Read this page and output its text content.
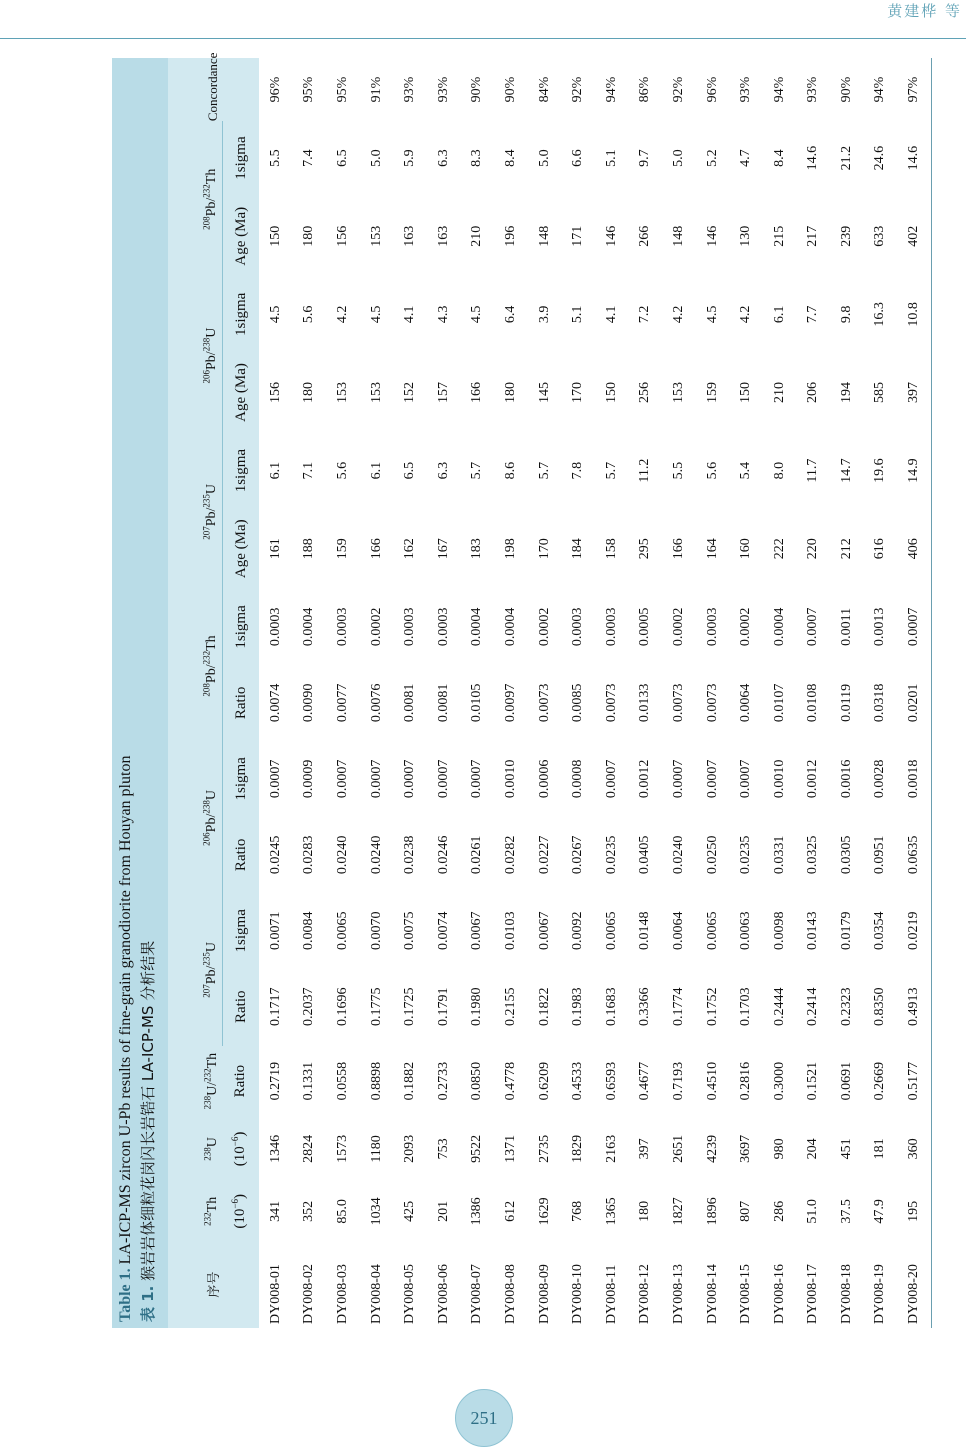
黄建桦 等
Table 1. LA-ICP-MS zircon U-Pb results of fine-grain granodiorite from Houyan pluton
表 1. 猴岩岩体细粒花岗闪长岩锆石 LA-ICP-MS 分析结果	序号	$^{232}$Th	$^{238}$U	$^{238}$U/$^{232}$Th	$^{207}$Pb/$^{235}$U		$^{206}$Pb/$^{238}$U		$^{208}$Pb/$^{232}$Th		$^{207}$Pb/$^{235}$U		$^{206}$Pb/$^{238}$U		$^{208}$Pb/$^{232}$Th		Concordance
	$(10^{-6})$	$(10^{-6})$	Ratio	Ratio	1sigma	Ratio	1sigma	Ratio	1sigma	Age (Ma)	1sigma	Age (Ma)	1sigma	Age (Ma)	1sigma	
DY008-01	341	1346	0.2719	0.1717	0.0071	0.0245	0.0007	0.0074	0.0003	161	6.1	156	4.5	150	5.5	96%
DY008-02	352	2824	0.1331	0.2037	0.0084	0.0283	0.0009	0.0090	0.0004	188	7.1	180	5.6	180	7.4	95%
DY008-03	85.0	1573	0.0558	0.1696	0.0065	0.0240	0.0007	0.0077	0.0003	159	5.6	153	4.2	156	6.5	95%
DY008-04	1034	1180	0.8898	0.1775	0.0070	0.0240	0.0007	0.0076	0.0002	166	6.1	153	4.5	153	5.0	91%
DY008-05	425	2093	0.1882	0.1725	0.0075	0.0238	0.0007	0.0081	0.0003	162	6.5	152	4.1	163	5.9	93%
DY008-06	201	753	0.2733	0.1791	0.0074	0.0246	0.0007	0.0081	0.0003	167	6.3	157	4.3	163	6.3	93%
DY008-07	1386	9522	0.0850	0.1980	0.0067	0.0261	0.0007	0.0105	0.0004	183	5.7	166	4.5	210	8.3	90%
DY008-08	612	1371	0.4778	0.2155	0.0103	0.0282	0.0010	0.0097	0.0004	198	8.6	180	6.4	196	8.4	90%
DY008-09	1629	2735	0.6209	0.1822	0.0067	0.0227	0.0006	0.0073	0.0002	170	5.7	145	3.9	148	5.0	84%
DY008-10	768	1829	0.4533	0.1983	0.0092	0.0267	0.0008	0.0085	0.0003	184	7.8	170	5.1	171	6.6	92%
DY008-11	1365	2163	0.6593	0.1683	0.0065	0.0235	0.0007	0.0073	0.0003	158	5.7	150	4.1	146	5.1	94%
DY008-12	180	397	0.4677	0.3366	0.0148	0.0405	0.0012	0.0133	0.0005	295	11.2	256	7.2	266	9.7	86%
DY008-13	1827	2651	0.7193	0.1774	0.0064	0.0240	0.0007	0.0073	0.0002	166	5.5	153	4.2	148	5.0	92%
DY008-14	1896	4239	0.4510	0.1752	0.0065	0.0250	0.0007	0.0073	0.0003	164	5.6	159	4.5	146	5.2	96%
DY008-15	807	3697	0.2816	0.1703	0.0063	0.0235	0.0007	0.0064	0.0002	160	5.4	150	4.2	130	4.7	93%
DY008-16	286	980	0.3000	0.2444	0.0098	0.0331	0.0010	0.0107	0.0004	222	8.0	210	6.1	215	8.4	94%
DY008-17	51.0	204	0.1521	0.2414	0.0143	0.0325	0.0012	0.0108	0.0007	220	11.7	206	7.7	217	14.6	93%
DY008-18	37.5	451	0.0691	0.2323	0.0179	0.0305	0.0016	0.0119	0.0011	212	14.7	194	9.8	239	21.2	90%
DY008-19	47.9	181	0.2669	0.8350	0.0354	0.0951	0.0028	0.0318	0.0013	616	19.6	585	16.3	633	24.6	94%
DY008-20	195	360	0.5177	0.4913	0.0219	0.0635	0.0018	0.0201	0.0007	406	14.9	397	10.8	402	14.6	97%
251
